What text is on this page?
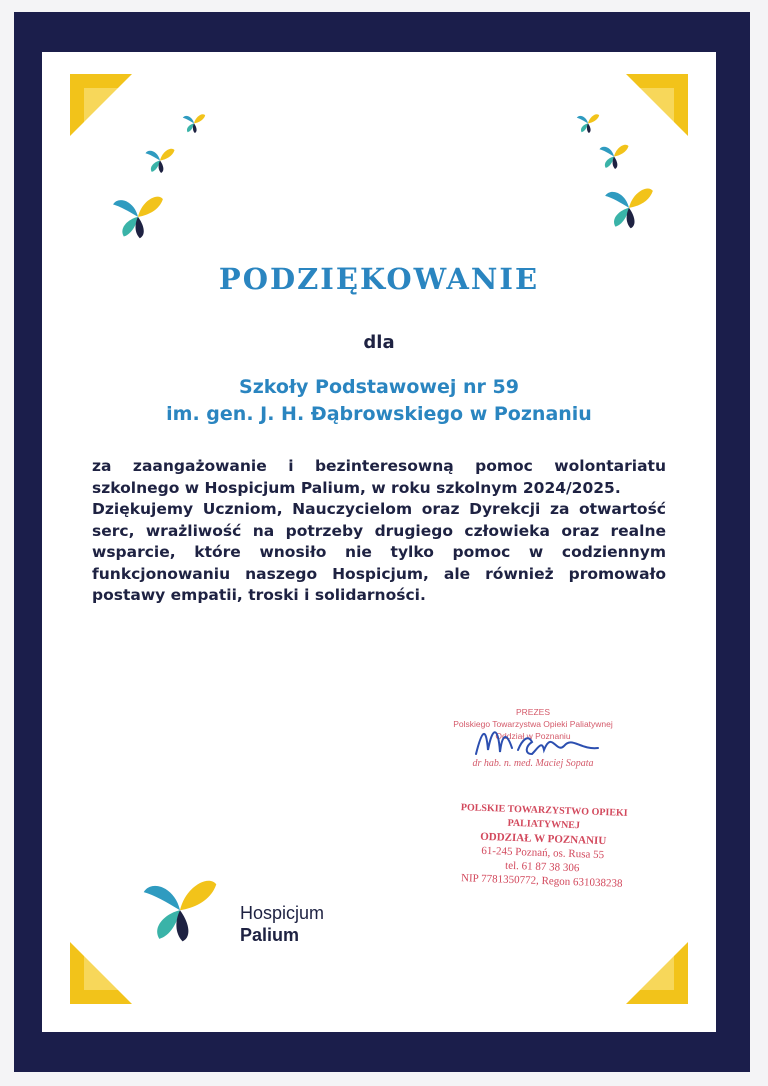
PODZIĘKOWANIE
dla
Szkoły Podstawowej nr 59
im. gen. J. H. Ðąbrowskiego w Poznaniu

za zaangażowanie i bezinteresowną pomoc wolontariatu szkolnego w Hospicjum Palium, w roku szkolnym 2024/2025.

Dziękujemy Uczniom, Nauczycielom oraz Dyrekcji za otwartość serc, wrażliwość na potrzeby drugiego człowieka oraz realne wsparcie, które wnosiło nie tylko pomoc w codziennym funkcjonowaniu naszego Hospicjum, ale również promowało postawy empatii, troski i solidarności.

PREZES
Polskiego Towarzystwa Opieki Paliatywnej
Oddział w Poznaniu
dr hab. n. med. Maciej Sopata
POLSKIE TOWARZYSTWO OPIEKI PALIATYWNEJ
ODDZIAŁ W POZNANIU
61-245 Poznań, os. Rusa 55
tel. 61 87 38 306
NIP 7781350772, Regon 631038238
Hospicjum
Palium
